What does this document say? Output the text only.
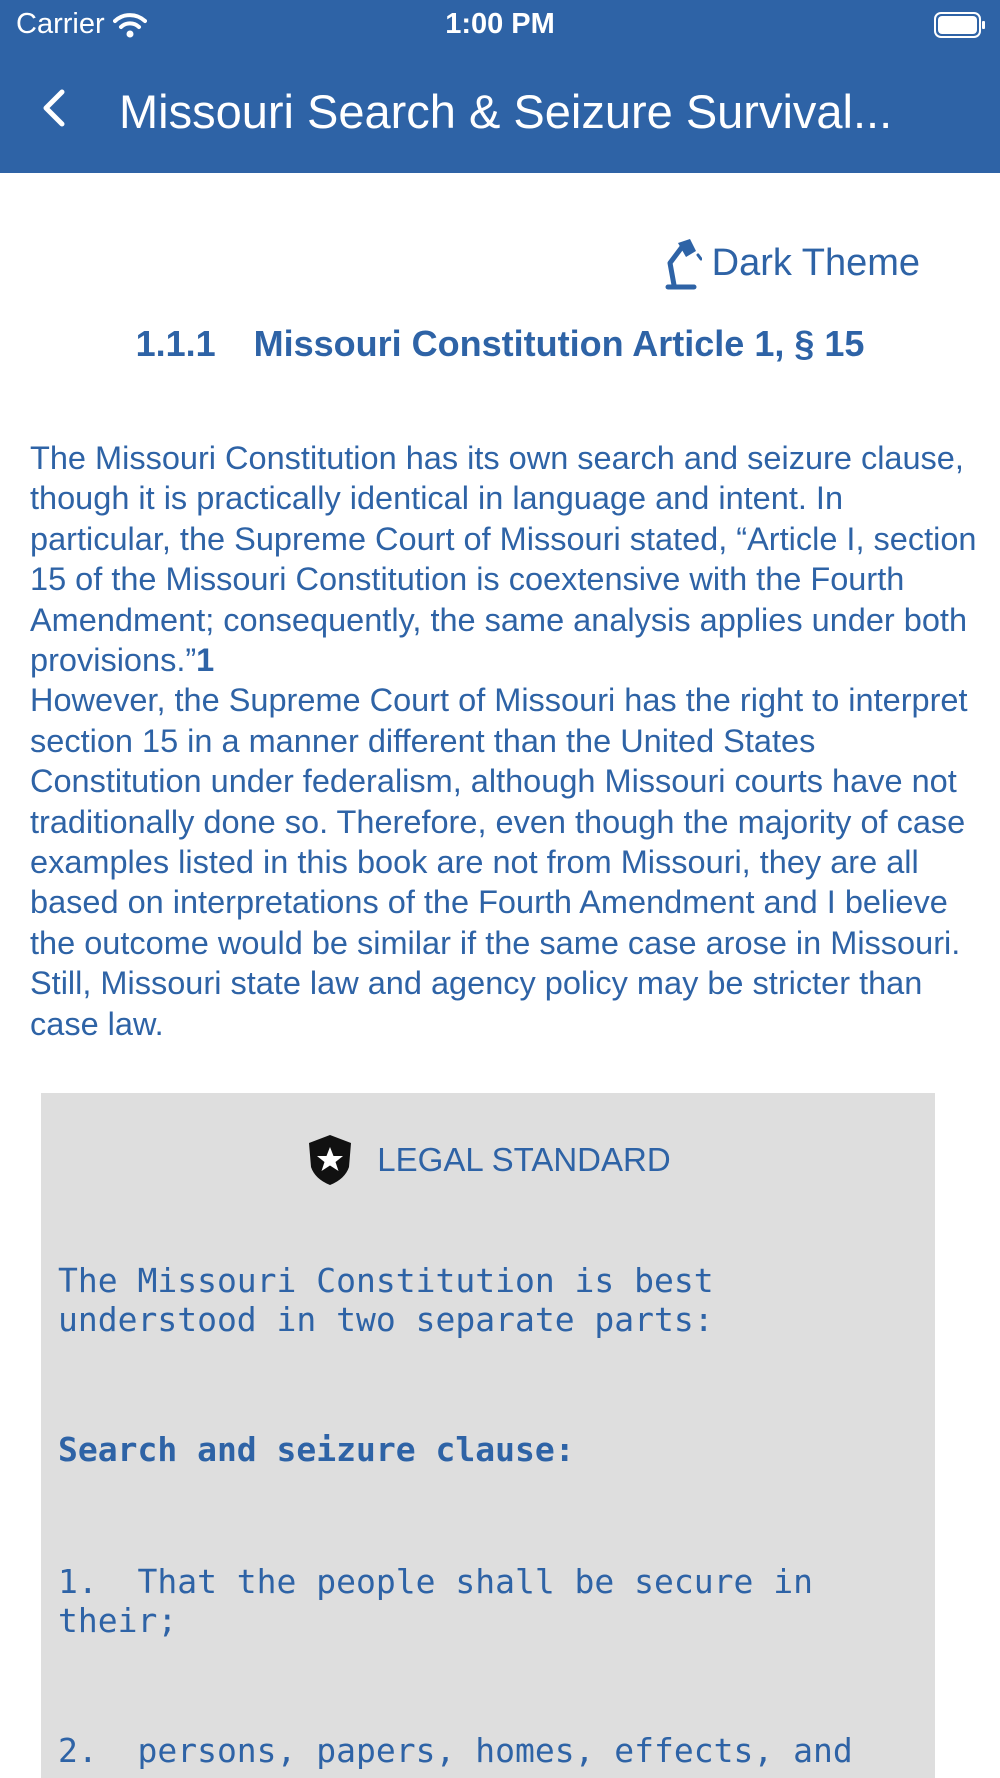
Carrier	1:00 PM
Missouri Search & Seizure Survival...
Dark Theme
1.1.1 Missouri Constitution Article 1, § 15
The Missouri Constitution has its own search and seizure clause, though it is practically identical in language and intent. In particular, the Supreme Court of Missouri stated, “Article I, section 15 of the Missouri Constitution is coextensive with the Fourth Amendment; consequently, the same analysis applies under both provisions.”1
However, the Supreme Court of Missouri has the right to interpret section 15 in a manner different than the United States Constitution under federalism, although Missouri courts have not traditionally done so. Therefore, even though the majority of case examples listed in this book are not from Missouri, they are all based on interpretations of the Fourth Amendment and I believe the outcome would be similar if the same case arose in Missouri. Still, Missouri state law and agency policy may be stricter than case law.
LEGAL STANDARD
The Missouri Constitution is best understood in two separate parts:
Search and seizure clause:
1.  That the people shall be secure in their;
2.  persons, papers, homes, effects, and
